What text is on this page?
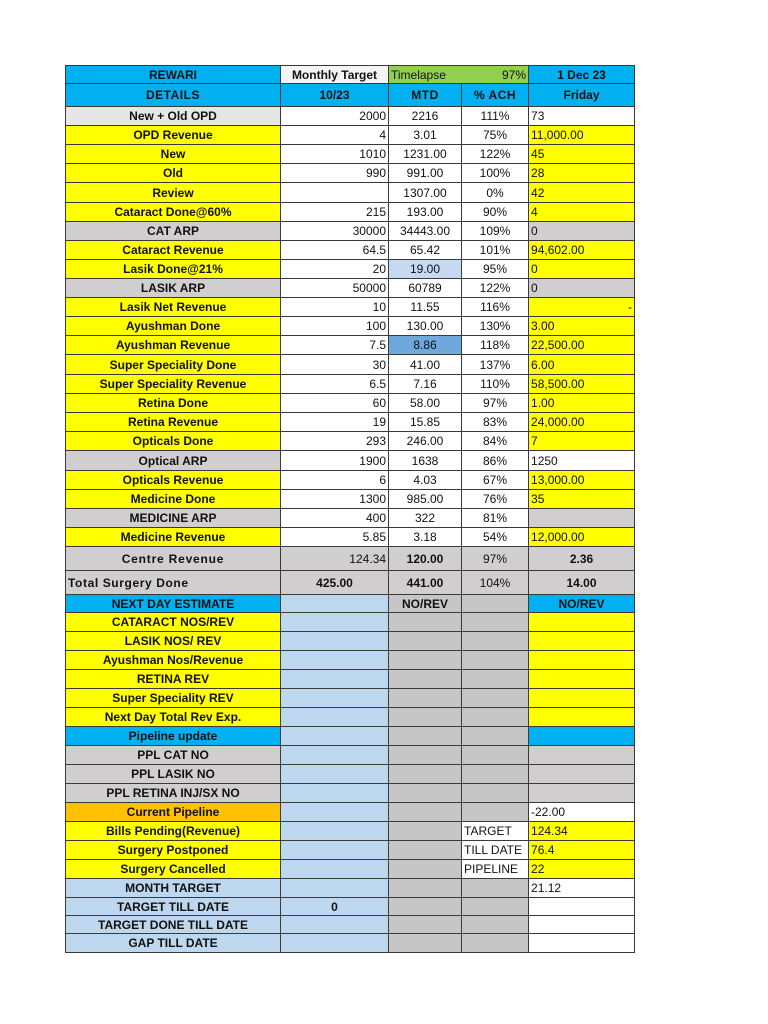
REWARI	Monthly Target	Timelapse 97%		1 Dec 23
DETAILS	10/23	MTD	% ACH	Friday
New + Old OPD	2000	2216	111%	73
OPD Revenue	4	3.01	75%	11,000.00
New	1010	1231.00	122%	45
Old	990	991.00	100%	28
Review		1307.00	0%	42
Cataract Done@60%	215	193.00	90%	4
CAT ARP	30000	34443.00	109%	0
Cataract Revenue	64.5	65.42	101%	94,602.00
Lasik Done@21%	20	19.00	95%	0
LASIK ARP	50000	60789	122%	0
Lasik Net Revenue	10	11.55	116%	-
Ayushman Done	100	130.00	130%	3.00
Ayushman Revenue	7.5	8.86	118%	22,500.00
Super Speciality Done	30	41.00	137%	6.00
Super Speciality Revenue	6.5	7.16	110%	58,500.00
Retina Done	60	58.00	97%	1.00
Retina Revenue	19	15.85	83%	24,000.00
Opticals Done	293	246.00	84%	7
Optical ARP	1900	1638	86%	1250
Opticals Revenue	6	4.03	67%	13,000.00
Medicine Done	1300	985.00	76%	35
MEDICINE ARP	400	322	81%	
Medicine Revenue	5.85	3.18	54%	12,000.00
Centre Revenue	124.34	120.00	97%	2.36
Total Surgery Done	425.00	441.00	104%	14.00
NEXT DAY ESTIMATE		NO/REV		NO/REV
CATARACT NOS/REV				
LASIK NOS/ REV				
Ayushman Nos/Revenue				
RETINA REV				
Super Speciality REV				
Next Day Total Rev Exp.				
Pipeline update				
PPL CAT NO				
PPL LASIK NO				
PPL RETINA INJ/SX NO				
Current Pipeline				-22.00
Bills Pending(Revenue)			TARGET	124.34
Surgery Postponed			TILL DATE	76.4
Surgery Cancelled			PIPELINE	22
MONTH TARGET				21.12
TARGET TILL DATE	0			
TARGET DONE TILL DATE				
GAP TILL DATE				
